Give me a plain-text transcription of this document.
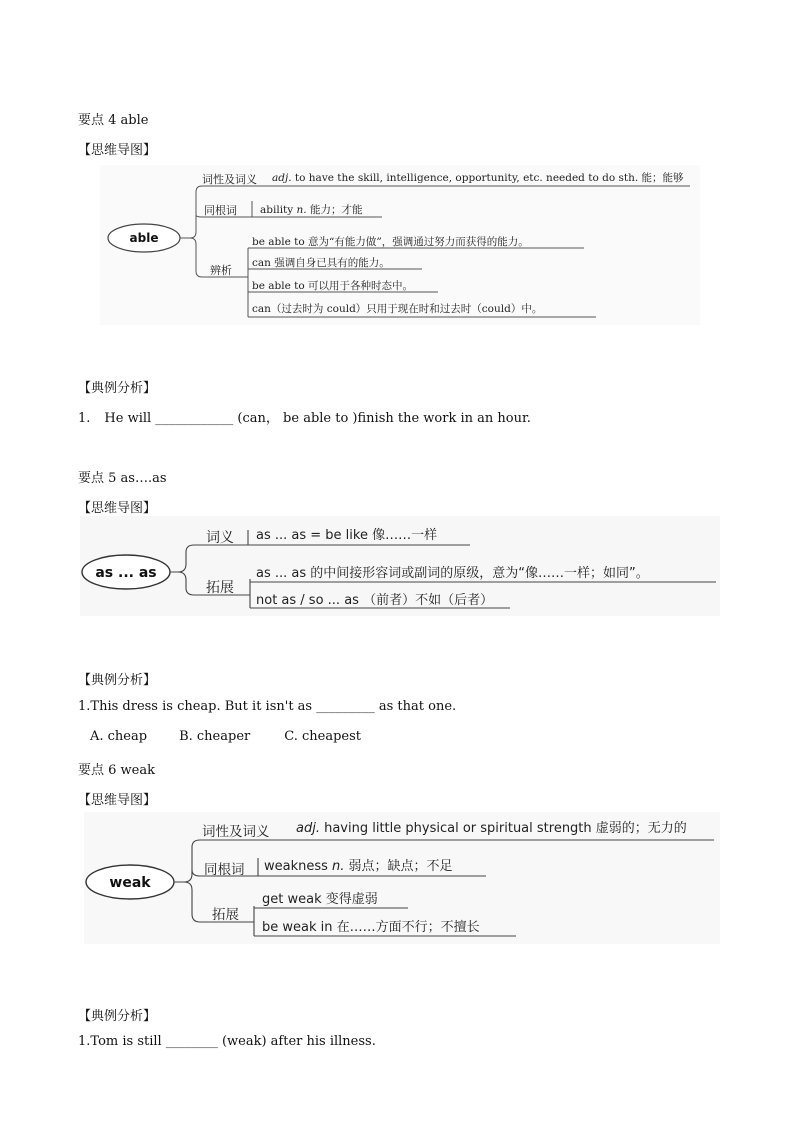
要点 4 able
【思维导图】
able
词性及词义
同根词
辨析
adj. to have the skill, intelligence, opportunity, etc. needed to do sth. 能；能够
ability n. 能力；才能
be able to 意为“有能力做”，强调通过努力而获得的能力。
can 强调自身已具有的能力。
be able to 可以用于各种时态中。
can（过去时为 could）只用于现在时和过去时（could）中。
【典例分析】
1. He will ____________ (can， be able to )finish the work in an hour.
要点 5 as….as
【思维导图】
as ... as
词义
拓展
as ... as = be like 像……一样
as ... as 的中间接形容词或副词的原级，意为“像……一样；如同”。
not as / so ... as （前者）不如（后者）
【典例分析】
1.This dress is cheap. But it isn't as _________ as that one.
A. cheap B. cheaper	C. cheapest
要点 6 weak
【思维导图】
weak
词性及词义
同根词
拓展
adj. having little physical or spiritual strength 虚弱的；无力的
weakness n. 弱点；缺点；不足
get weak 变得虚弱
be weak in 在……方面不行；不擅长
【典例分析】
1.Tom is still ________ (weak) after his illness.
